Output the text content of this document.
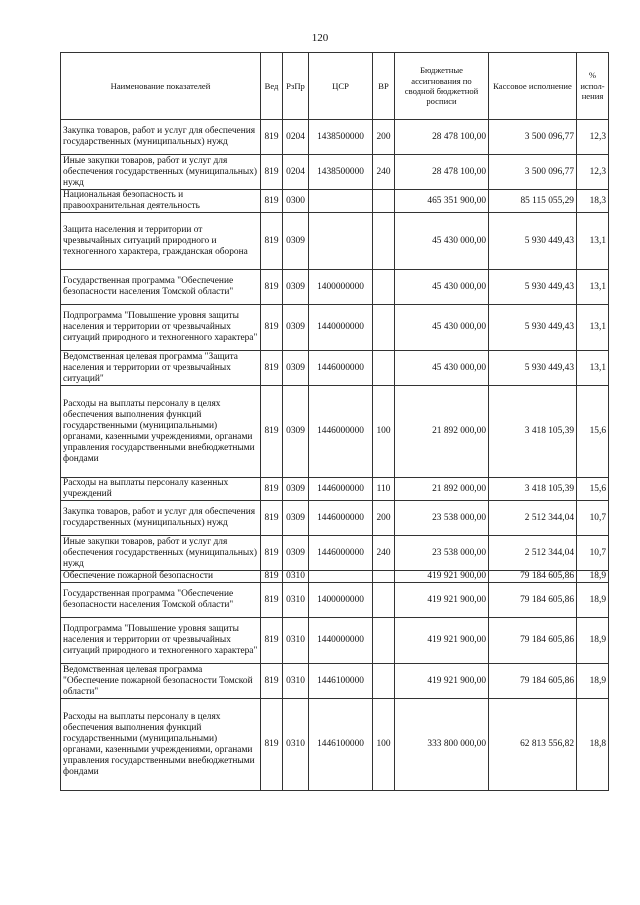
120
Наименование показателей	Вед	РзПр	ЦСР	ВР	Бюджетные ассигнования по сводной бюджетной росписи	Кассовое исполнение	% испол-нения
Закупка товаров, работ и услуг для обеспечения государственных (муниципальных) нужд	819	0204	1438500000	200	28 478 100,00	3 500 096,77	12,3
Иные закупки товаров, работ и услуг для обеспечения государственных (муниципальных) нужд	819	0204	1438500000	240	28 478 100,00	3 500 096,77	12,3
Национальная безопасность и правоохранительная деятельность	819	0300			465 351 900,00	85 115 055,29	18,3
Защита населения и территории от чрезвычайных ситуаций природного и техногенного характера, гражданская оборона	819	0309			45 430 000,00	5 930 449,43	13,1
Государственная программа "Обеспечение безопасности населения Томской области"	819	0309	1400000000		45 430 000,00	5 930 449,43	13,1
Подпрограмма "Повышение уровня защиты населения и территории от чрезвычайных ситуаций природного и техногенного характера"	819	0309	1440000000		45 430 000,00	5 930 449,43	13,1
Ведомственная целевая программа "Защита населения и территории от чрезвычайных ситуаций"	819	0309	1446000000		45 430 000,00	5 930 449,43	13,1
Расходы на выплаты персоналу в целях обеспечения выполнения функций государственными (муниципальными) органами, казенными учреждениями, органами управления государственными внебюджетными фондами	819	0309	1446000000	100	21 892 000,00	3 418 105,39	15,6
Расходы на выплаты персоналу казенных учреждений	819	0309	1446000000	110	21 892 000,00	3 418 105,39	15,6
Закупка товаров, работ и услуг для обеспечения государственных (муниципальных) нужд	819	0309	1446000000	200	23 538 000,00	2 512 344,04	10,7
Иные закупки товаров, работ и услуг для обеспечения государственных (муниципальных) нужд	819	0309	1446000000	240	23 538 000,00	2 512 344,04	10,7
Обеспечение пожарной безопасности	819	0310			419 921 900,00	79 184 605,86	18,9
Государственная программа "Обеспечение безопасности населения Томской области"	819	0310	1400000000		419 921 900,00	79 184 605,86	18,9
Подпрограмма "Повышение уровня защиты населения и территории от чрезвычайных ситуаций природного и техногенного характера"	819	0310	1440000000		419 921 900,00	79 184 605,86	18,9
Ведомственная целевая программа "Обеспечение пожарной безопасности Томской области"	819	0310	1446100000		419 921 900,00	79 184 605,86	18,9
Расходы на выплаты персоналу в целях обеспечения выполнения функций государственными (муниципальными) органами, казенными учреждениями, органами управления государственными внебюджетными фондами	819	0310	1446100000	100	333 800 000,00	62 813 556,82	18,8
